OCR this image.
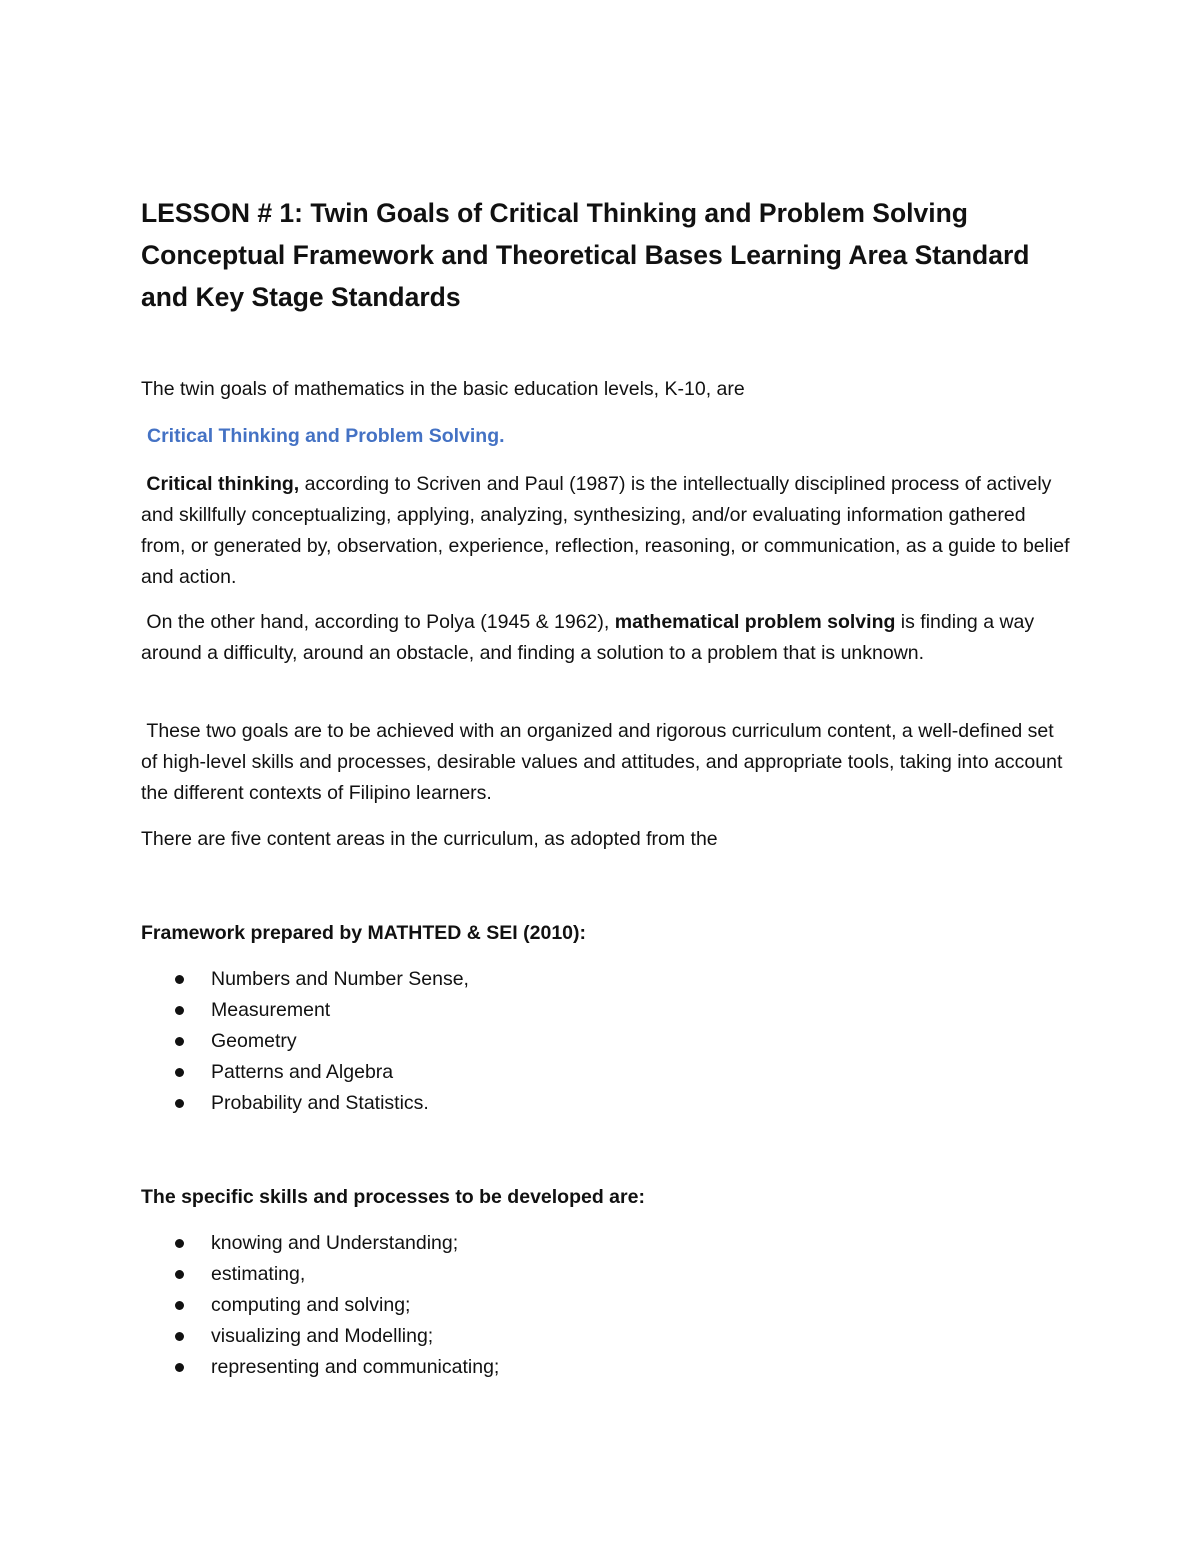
LESSON # 1: Twin Goals of Critical Thinking and Problem Solving Conceptual Framework and Theoretical Bases Learning Area Standard and Key Stage Standards

The twin goals of mathematics in the basic education levels, K-10, are

Critical Thinking and Problem Solving.

Critical thinking, according to Scriven and Paul (1987) is the intellectually disciplined process of actively and skillfully conceptualizing, applying, analyzing, synthesizing, and/or evaluating information gathered from, or generated by, observation, experience, reflection, reasoning, or communication, as a guide to belief and action.

On the other hand, according to Polya (1945 & 1962), mathematical problem solving is finding a way around a difficulty, around an obstacle, and finding a solution to a problem that is unknown.

These two goals are to be achieved with an organized and rigorous curriculum content, a well-defined set of high-level skills and processes, desirable values and attitudes, and appropriate tools, taking into account the different contexts of Filipino learners.

There are five content areas in the curriculum, as adopted from the

Framework prepared by MATHTED & SEI (2010):

Numbers and Number Sense,
Measurement
Geometry
Patterns and Algebra
Probability and Statistics.

The specific skills and processes to be developed are:

knowing and Understanding;
estimating,
computing and solving;
visualizing and Modelling;
representing and communicating;
